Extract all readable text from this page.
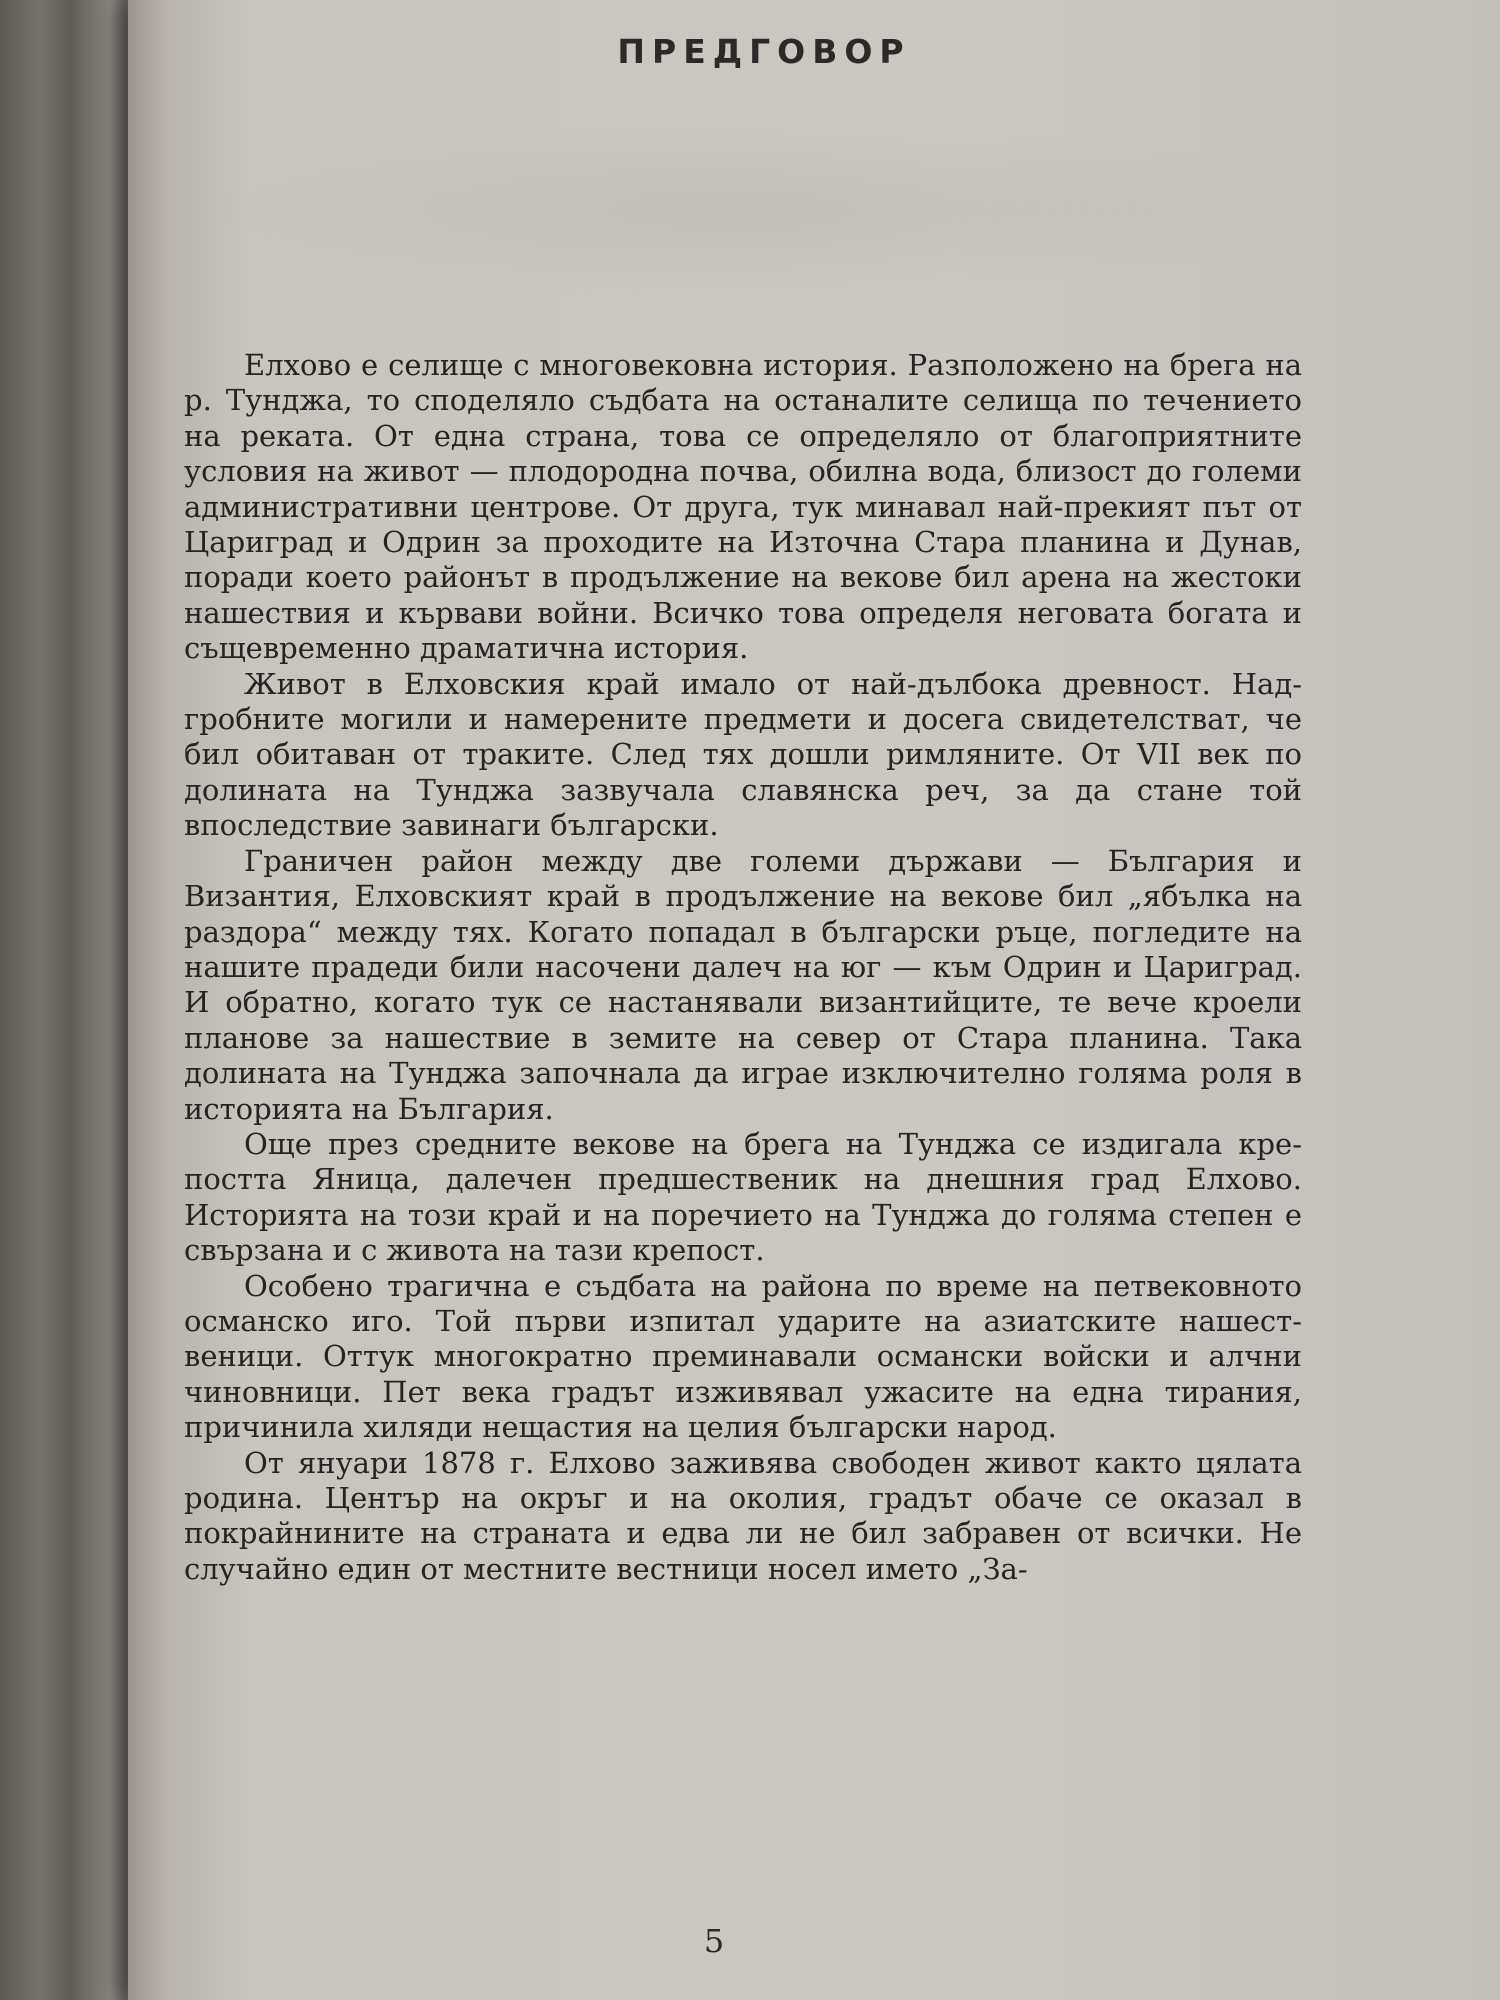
ПРЕДГОВОР

Елхово е селище с многовековна история. Разположено на брега на р. Тунджа, то споделяло съдбата на останалите селища по течението на реката. От една страна, това се определяло от благоприятните условия на живот — плодородна почва, обилна вода, близост до големи административни центрове. От друга, тук минавал най-прекият път от Цариград и Одрин за проходите на Източна Стара планина и Дунав, поради което районът в продължение на векове бил арена на жестоки нашествия и кървави войни. Всичко това определя неговата богата и същевременно драматична история.

Живот в Елховския край имало от най-дълбока древност. Надгробните могили и намерените предмети и досега свидетелстват, че бил обитаван от траките. След тях дошли римляните. От VII век по долината на Тунджа зазвучала славянска реч, за да стане той впоследствие завинаги български.

Граничен район между две големи държави — България и Византия, Елховският край в продължение на векове бил „ябълка на раздора“ между тях. Когато попадал в български ръце, погледите на нашите прадеди били насочени далеч на юг — към Одрин и Цариград. И обратно, когато тук се настанявали византийците, те вече кроели планове за нашествие в земите на север от Стара планина. Така долината на Тунджа започнала да играе изключително голяма роля в историята на България.

Още през средните векове на брега на Тунджа се издигала крепостта Яница, далечен предшественик на днешния град Елхово. Историята на този край и на поречието на Тунджа до голяма степен е свързана и с живота на тази крепост.

Особено трагична е съдбата на района по време на петвековното османско иго. Той първи изпитал ударите на азиатските нашественици. Оттук многократно преминавали османски войски и алчни чиновници. Пет века градът изживявал ужасите на една тирания, причинила хиляди нещастия на целия български народ.

От януари 1878 г. Елхово заживява свободен живот както цялата родина. Център на окръг и на околия, градът обаче се оказал в покрайнините на страната и едва ли не бил забравен от всички. Не случайно един от местните вестници носел името „За-

5
